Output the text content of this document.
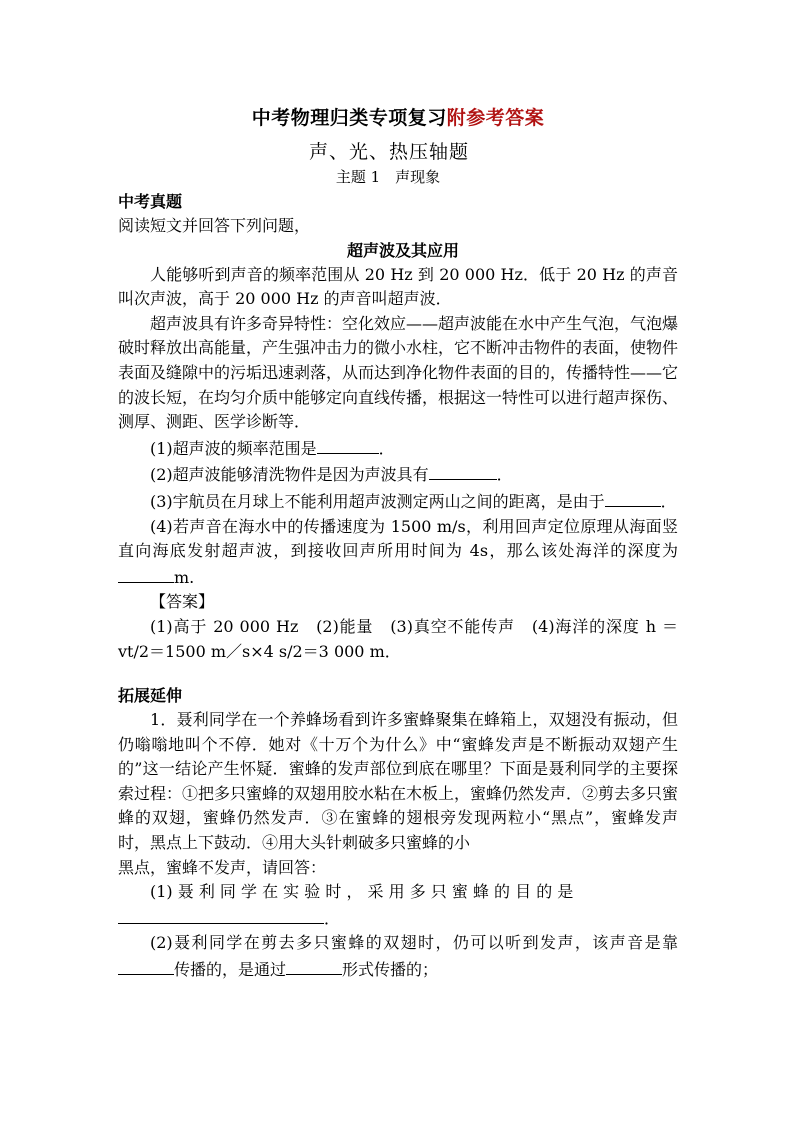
中考物理归类专项复习附参考答案
声、光、热压轴题
主题 1　声现象
中考真题
阅读短文并回答下列问题，
超声波及其应用
人能够听到声音的频率范围从 20 Hz 到 20 000 Hz．低于 20 Hz 的声音叫次声波，高于 20 000 Hz 的声音叫超声波．
超声波具有许多奇异特性：空化效应——超声波能在水中产生气泡，气泡爆破时释放出高能量，产生强冲击力的微小水柱，它不断冲击物件的表面，使物件表面及缝隙中的污垢迅速剥落，从而达到净化物件表面的目的，传播特性——它的波长短，在均匀介质中能够定向直线传播，根据这一特性可以进行超声探伤、测厚、测距、医学诊断等．
(1)超声波的频率范围是	．
(2)超声波能够清洗物件是因为声波具有	．
(3)宇航员在月球上不能利用超声波测定两山之间的距离，是由于	．
(4)若声音在海水中的传播速度为 1500 m/s，利用回声定位原理从海面竖直向海底发射超声波，到接收回声所用时间为 4s，那么该处海洋的深度为m.
【答案】
(1)高于 20 000 Hz　(2)能量　(3)真空不能传声　(4)海洋的深度 h ＝vt/2＝1500 m／s×4 s/2＝3 000 m．
拓展延伸
1．聂利同学在一个养蜂场看到许多蜜蜂聚集在蜂箱上，双翅没有振动，但仍嗡嗡地叫个不停．她对《十万个为什么》中“蜜蜂发声是不断振动双翅产生的”这一结论产生怀疑．蜜蜂的发声部位到底在哪里？下面是聂利同学的主要探索过程：①把多只蜜蜂的双翅用胶水粘在木板上，蜜蜂仍然发声．②剪去多只蜜蜂的双翅，蜜蜂仍然发声．③在蜜蜂的翅根旁发现两粒小“黑点”，蜜蜂发声时，黑点上下鼓动．④用大头针刺破多只蜜蜂的小
黑点，蜜蜂不发声，请回答：
(1) 聂 利 同 学 在 实 验 时 ， 采 用 多 只 蜜 蜂 的 目 的 是
．
(2)聂利同学在剪去多只蜜蜂的双翅时，仍可以听到发声，该声音是靠传播的，是通过	形式传播的；
